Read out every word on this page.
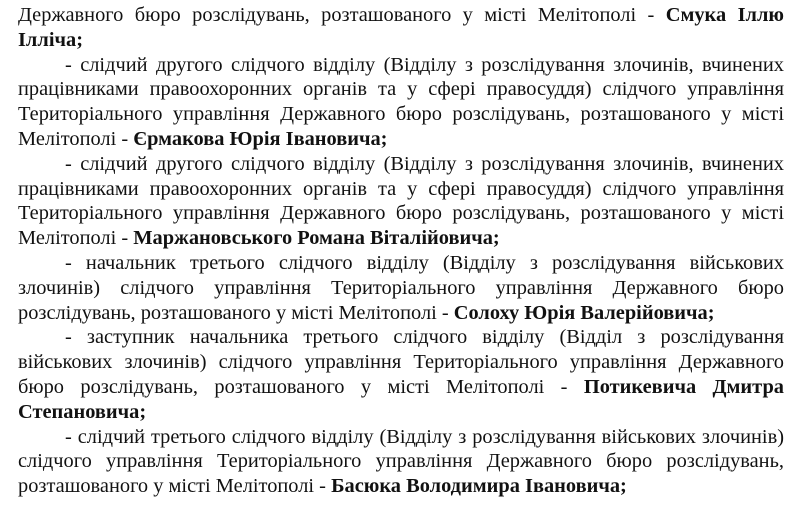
Державного бюро розслідувань, розташованого у місті Мелітополі - Смука Іллю Ілліча;

- слідчий другого слідчого відділу (Відділу з розслідування злочинів, вчинених працівниками правоохоронних органів та у сфері правосуддя) слідчого управління Територіального управління Державного бюро розслідувань, розташованого у місті Мелітополі - Єрмакова Юрія Івановича;

- слідчий другого слідчого відділу (Відділу з розслідування злочинів, вчинених працівниками правоохоронних органів та у сфері правосуддя) слідчого управління Територіального управління Державного бюро розслідувань, розташованого у місті Мелітополі - Маржановського Романа Віталійовича;

- начальник третього слідчого відділу (Відділу з розслідування військових злочинів) слідчого управління Територіального управління Державного бюро розслідувань, розташованого у місті Мелітополі - Солоху Юрія Валерійовича;

- заступник начальника третього слідчого відділу (Відділ з розслідування військових злочинів) слідчого управління Територіального управління Державного бюро розслідувань, розташованого у місті Мелітополі - Потикевича Дмитра Степановича;

- слідчий третього слідчого відділу (Відділу з розслідування військових злочинів) слідчого управління Територіального управління Державного бюро розслідувань, розташованого у місті Мелітополі - Басюка Володимира Івановича;
